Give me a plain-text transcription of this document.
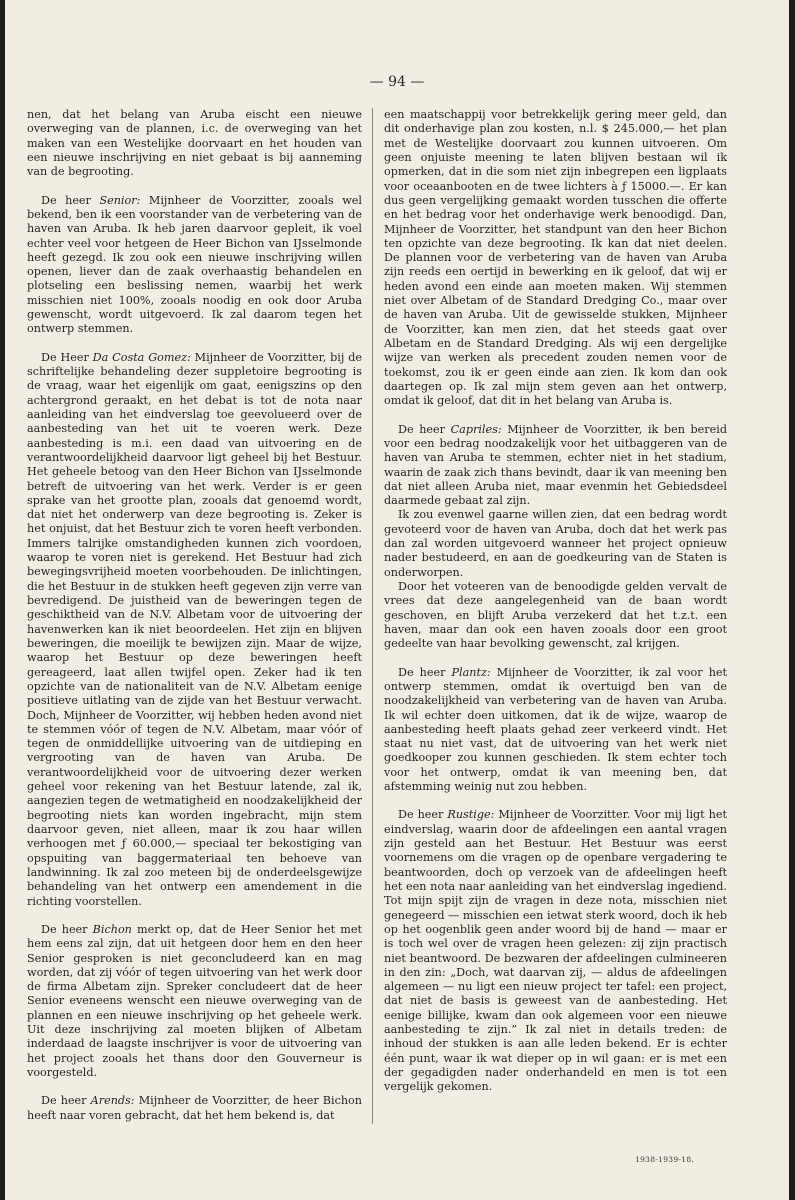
— 94 —

nen, dat het belang van Aruba eischt een nieuwe overweging van de plannen, i.c. de overweging van het maken van een Westelijke doorvaart en het houden van een nieuwe inschrijving en niet gebaat is bij aanneming van de begrooting.

De heer Senior: Mijnheer de Voorzitter, zooals wel bekend, ben ik een voorstander van de verbetering van de haven van Aruba. Ik heb jaren daarvoor gepleit, ik voel echter veel voor hetgeen de Heer Bichon van IJsselmonde heeft gezegd. Ik zou ook een nieuwe inschrijving willen openen, liever dan de zaak overhaastig behandelen en plotseling een beslissing nemen, waarbij het werk misschien niet 100%, zooals noodig en ook door Aruba gewenscht, wordt uitgevoerd. Ik zal daarom tegen het ontwerp stemmen.

De Heer Da Costa Gomez: Mijnheer de Voorzitter, bij de schriftelijke behandeling dezer suppletoire begrooting is de vraag, waar het eigenlijk om gaat, eenigszins op den achtergrond geraakt, en het debat is tot de nota naar aanleiding van het eindverslag toe geevolueerd over de aanbesteding van het uit te voeren werk. Deze aanbesteding is m.i. een daad van uitvoering en de verantwoordelijkheid daarvoor ligt geheel bij het Bestuur. Het geheele betoog van den Heer Bichon van IJsselmonde betreft de uitvoering van het werk. Verder is er geen sprake van het grootte plan, zooals dat genoemd wordt, dat niet het onderwerp van deze begrooting is. Zeker is het onjuist, dat het Bestuur zich te voren heeft verbonden. Immers talrijke omstandigheden kunnen zich voordoen, waarop te voren niet is gerekend. Het Bestuur had zich bewegingsvrijheid moeten voorbehouden. De inlichtingen, die het Bestuur in de stukken heeft gegeven zijn verre van bevredigend. De juistheid van de beweringen tegen de geschiktheid van de N.V. Albetam voor de uitvoering der havenwerken kan ik niet beoordeelen. Het zijn en blijven beweringen, die moeilijk te bewijzen zijn. Maar de wijze, waarop het Bestuur op deze beweringen heeft gereageerd, laat allen twijfel open. Zeker had ik ten opzichte van de nationaliteit van de N.V. Albetam eenige positieve uitlating van de zijde van het Bestuur verwacht. Doch, Mijnheer de Voorzitter, wij hebben heden avond niet te stemmen vóór of tegen de N.V. Albetam, maar vóór of tegen de onmiddellijke uitvoering van de uitdieping en vergrooting van de haven van Aruba. De verantwoordelijkheid voor de uitvoering dezer werken geheel voor rekening van het Bestuur latende, zal ik, aangezien tegen de wetmatigheid en noodzakelijkheid der begrooting niets kan worden ingebracht, mijn stem daarvoor geven, niet alleen, maar ik zou haar willen verhoogen met ƒ 60.000,— speciaal ter bekostiging van opspuiting van baggermateriaal ten behoeve van landwinning. Ik zal zoo meteen bij de onderdeelsgewijze behandeling van het ontwerp een amendement in die richting voorstellen.

De heer Bichon merkt op, dat de Heer Senior het met hem eens zal zijn, dat uit hetgeen door hem en den heer Senior gesproken is niet geconcludeerd kan en mag worden, dat zij vóór of tegen uitvoering van het werk door de firma Albetam zijn. Spreker concludeert dat de heer Senior eveneens wenscht een nieuwe overweging van de plannen en een nieuwe inschrijving op het geheele werk. Uit deze inschrijving zal moeten blijken of Albetam inderdaad de laagste inschrijver is voor de uitvoering van het project zooals het thans door den Gouverneur is voorgesteld.

De heer Arends: Mijnheer de Voorzitter, de heer Bichon heeft naar voren gebracht, dat het hem bekend is, dat

een maatschappij voor betrekkelijk gering meer geld, dan dit onderhavige plan zou kosten, n.l. $ 245.000,— het plan met de Westelijke doorvaart zou kunnen uitvoeren. Om geen onjuiste meening te laten blijven bestaan wil ik opmerken, dat in die som niet zijn inbegrepen een ligplaats voor oceaanbooten en de twee lichters à ƒ 15000.—. Er kan dus geen vergelijking gemaakt worden tusschen die offerte en het bedrag voor het onderhavige werk benoodigd. Dan, Mijnheer de Voorzitter, het standpunt van den heer Bichon ten opzichte van deze begrooting. Ik kan dat niet deelen. De plannen voor de verbetering van de haven van Aruba zijn reeds een oertijd in bewerking en ik geloof, dat wij er heden avond een einde aan moeten maken. Wij stemmen niet over Albetam of de Standard Dredging Co., maar over de haven van Aruba. Uit de gewisselde stukken, Mijnheer de Voorzitter, kan men zien, dat het steeds gaat over Albetam en de Standard Dredging. Als wij een dergelijke wijze van werken als precedent zouden nemen voor de toekomst, zou ik er geen einde aan zien. Ik kom dan ook daartegen op. Ik zal mijn stem geven aan het ontwerp, omdat ik geloof, dat dit in het belang van Aruba is.

De heer Capriles: Mijnheer de Voorzitter, ik ben bereid voor een bedrag noodzakelijk voor het uitbaggeren van de haven van Aruba te stemmen, echter niet in het stadium, waarin de zaak zich thans bevindt, daar ik van meening ben dat niet alleen Aruba niet, maar evenmin het Gebiedsdeel daarmede gebaat zal zijn.

Ik zou evenwel gaarne willen zien, dat een bedrag wordt gevoteerd voor de haven van Aruba, doch dat het werk pas dan zal worden uitgevoerd wanneer het project opnieuw nader bestudeerd, en aan de goedkeuring van de Staten is onderworpen.

Door het voteeren van de benoodigde gelden vervalt de vrees dat deze aangelegenheid van de baan wordt geschoven, en blijft Aruba verzekerd dat het t.z.t. een haven, maar dan ook een haven zooals door een groot gedeelte van haar bevolking gewenscht, zal krijgen.

De heer Plantz: Mijnheer de Voorzitter, ik zal voor het ontwerp stemmen, omdat ik overtuigd ben van de noodzakelijkheid van verbetering van de haven van Aruba. Ik wil echter doen uitkomen, dat ik de wijze, waarop de aanbesteding heeft plaats gehad zeer verkeerd vindt. Het staat nu niet vast, dat de uitvoering van het werk niet goedkooper zou kunnen geschieden. Ik stem echter toch voor het ontwerp, omdat ik van meening ben, dat afstemming weinig nut zou hebben.

De heer Rustige: Mijnheer de Voorzitter. Voor mij ligt het eindverslag, waarin door de afdeelingen een aantal vragen zijn gesteld aan het Bestuur. Het Bestuur was eerst voornemens om die vragen op de openbare vergadering te beantwoorden, doch op verzoek van de afdeelingen heeft het een nota naar aanleiding van het eindverslag ingediend. Tot mijn spijt zijn de vragen in deze nota, misschien niet genegeerd — misschien een ietwat sterk woord, doch ik heb op het oogenblik geen ander woord bij de hand — maar er is toch wel over de vragen heen gelezen: zij zijn practisch niet beantwoord. De bezwaren der afdeelingen culmineeren in den zin: „Doch, wat daarvan zij, — aldus de afdeelingen algemeen — nu ligt een nieuw project ter tafel: een project, dat niet de basis is geweest van de aanbesteding. Het eenige billijke, kwam dan ook algemeen voor een nieuwe aanbesteding te zijn.” Ik zal niet in details treden: de inhoud der stukken is aan alle leden bekend. Er is echter één punt, waar ik wat dieper op in wil gaan: er is met een der gegadigden nader onderhandeld en men is tot een vergelijk gekomen.

1938-1939-18.
